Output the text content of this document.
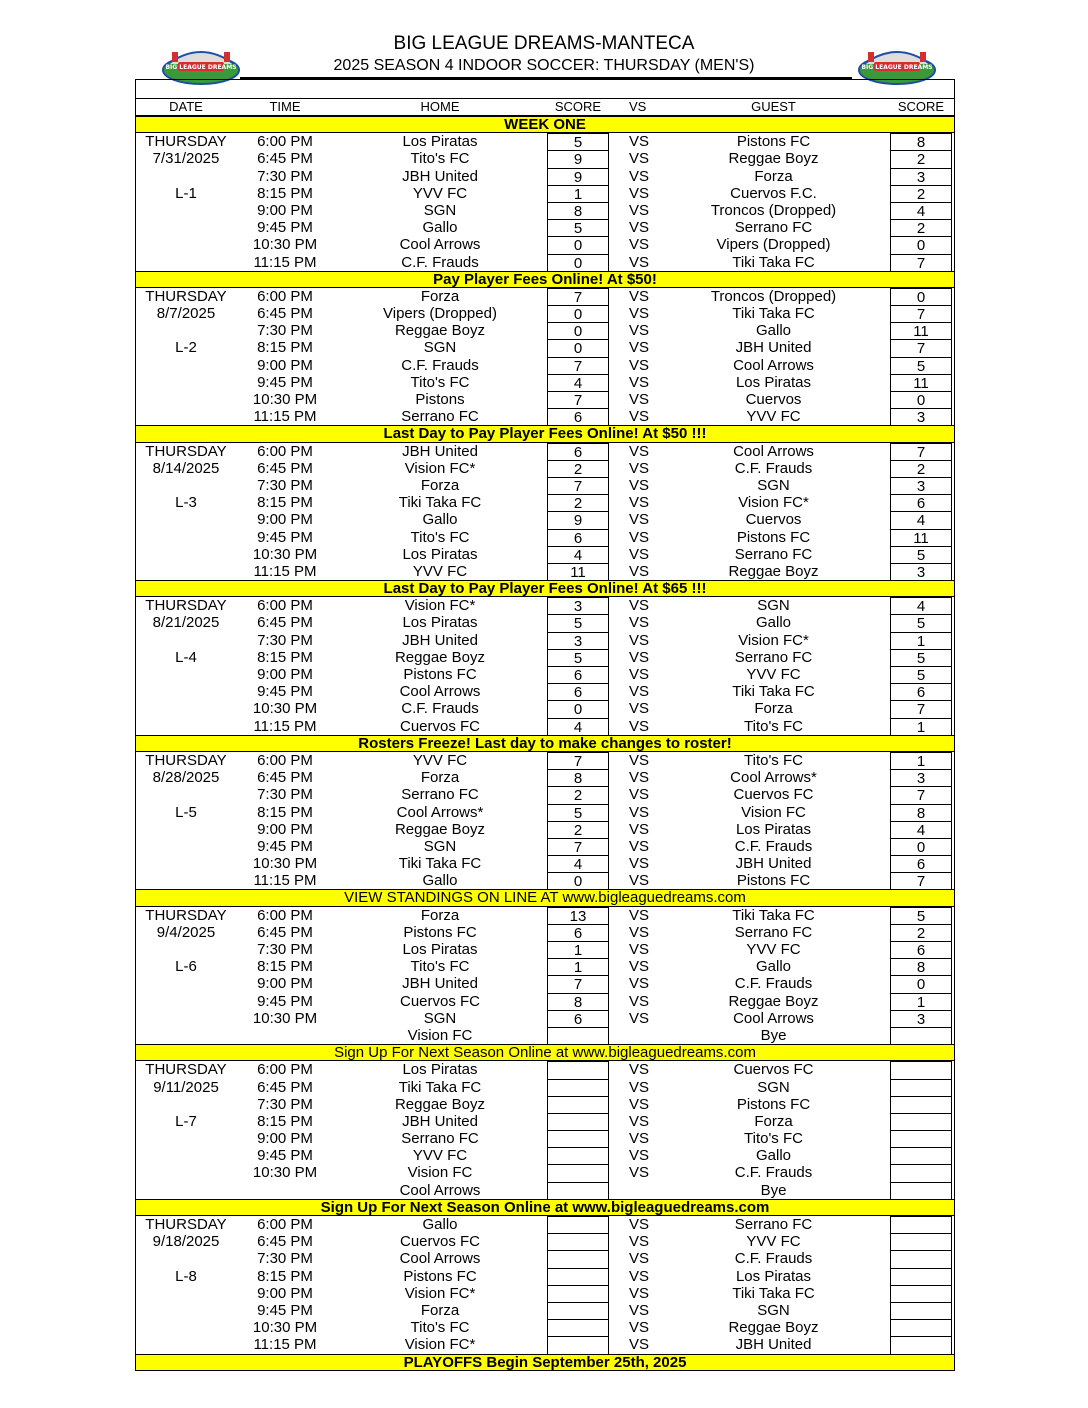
BIG LEAGUE DREAMS
BIG LEAGUE DREAMS-MANTECA
2025 SEASON 4 INDOOR SOCCER: THURSDAY (MEN'S)	BIG LEAGUE DREAMS
DATE	TIME	HOME	SCORE	VS	GUEST	SCORE
WEEK ONE
THURSDAY	6:00 PM	Los Piratas	5	VS	Pistons FC	8
7/31/2025	6:45 PM	Tito's FC	9	VS	Reggae Boyz	2
7:30 PM	JBH United	9	VS	Forza	3
L-1	8:15 PM	YVV FC	1	VS	Cuervos F.C.	2
9:00 PM	SGN	8	VS	Troncos (Dropped)	4
9:45 PM	Gallo	5	VS	Serrano FC	2
10:30 PM	Cool Arrows	0	VS	Vipers (Dropped)	0
11:15 PM	C.F. Frauds	0	VS	Tiki Taka FC	7
Pay Player Fees Online! At $50!
THURSDAY	6:00 PM	Forza	7	VS	Troncos (Dropped)	0
8/7/2025	6:45 PM	Vipers (Dropped)	0	VS	Tiki Taka FC	7
7:30 PM	Reggae Boyz	0	VS	Gallo	11
L-2	8:15 PM	SGN	0	VS	JBH United	7
9:00 PM	C.F. Frauds	7	VS	Cool Arrows	5
9:45 PM	Tito's FC	4	VS	Los Piratas	11
10:30 PM	Pistons	7	VS	Cuervos	0
11:15 PM	Serrano FC	6	VS	YVV FC	3
Last Day to Pay Player Fees Online! At $50 !!!
THURSDAY	6:00 PM	JBH United	6	VS	Cool Arrows	7
8/14/2025	6:45 PM	Vision FC*	2	VS	C.F. Frauds	2
7:30 PM	Forza	7	VS	SGN	3
L-3	8:15 PM	Tiki Taka FC	2	VS	Vision FC*	6
9:00 PM	Gallo	9	VS	Cuervos	4
9:45 PM	Tito's FC	6	VS	Pistons FC	11
10:30 PM	Los Piratas	4	VS	Serrano FC	5
11:15 PM	YVV FC	11	VS	Reggae Boyz	3
Last Day to Pay Player Fees Online! At $65 !!!
THURSDAY	6:00 PM	Vision FC*	3	VS	SGN	4
8/21/2025	6:45 PM	Los Piratas	5	VS	Gallo	5
7:30 PM	JBH United	3	VS	Vision FC*	1
L-4	8:15 PM	Reggae Boyz	5	VS	Serrano FC	5
9:00 PM	Pistons FC	6	VS	YVV FC	5
9:45 PM	Cool Arrows	6	VS	Tiki Taka FC	6
10:30 PM	C.F. Frauds	0	VS	Forza	7
11:15 PM	Cuervos FC	4	VS	Tito's FC	1
Rosters Freeze! Last day to make changes to roster!
THURSDAY	6:00 PM	YVV FC	7	VS	Tito's FC	1
8/28/2025	6:45 PM	Forza	8	VS	Cool Arrows*	3
7:30 PM	Serrano FC	2	VS	Cuervos FC	7
L-5	8:15 PM	Cool Arrows*	5	VS	Vision FC	8
9:00 PM	Reggae Boyz	2	VS	Los Piratas	4
9:45 PM	SGN	7	VS	C.F. Frauds	0
10:30 PM	Tiki Taka FC	4	VS	JBH United	6
11:15 PM	Gallo	0	VS	Pistons FC	7
VIEW STANDINGS ON LINE AT www.bigleaguedreams.com
THURSDAY	6:00 PM	Forza	13	VS	Tiki Taka FC	5
9/4/2025	6:45 PM	Pistons FC	6	VS	Serrano FC	2
7:30 PM	Los Piratas	1	VS	YVV FC	6
L-6	8:15 PM	Tito's FC	1	VS	Gallo	8
9:00 PM	JBH United	7	VS	C.F. Frauds	0
9:45 PM	Cuervos FC	8	VS	Reggae Boyz	1
10:30 PM	SGN	6	VS	Cool Arrows	3
Vision FC	Bye
Sign Up For Next Season Online at www.bigleaguedreams.com
THURSDAY	6:00 PM	Los Piratas	VS	Cuervos FC
9/11/2025	6:45 PM	Tiki Taka FC	VS	SGN
7:30 PM	Reggae Boyz	VS	Pistons FC
L-7	8:15 PM	JBH United	VS	Forza
9:00 PM	Serrano FC	VS	Tito's FC
9:45 PM	YVV FC	VS	Gallo
10:30 PM	Vision FC	VS	C.F. Frauds
Cool Arrows	Bye
Sign Up For Next Season Online at www.bigleaguedreams.com
THURSDAY	6:00 PM	Gallo	VS	Serrano FC
9/18/2025	6:45 PM	Cuervos FC	VS	YVV FC
7:30 PM	Cool Arrows	VS	C.F. Frauds
L-8	8:15 PM	Pistons FC	VS	Los Piratas
9:00 PM	Vision FC*	VS	Tiki Taka FC
9:45 PM	Forza	VS	SGN
10:30 PM	Tito's FC	VS	Reggae Boyz
11:15 PM	Vision FC*	VS	JBH United
PLAYOFFS Begin September 25th, 2025
